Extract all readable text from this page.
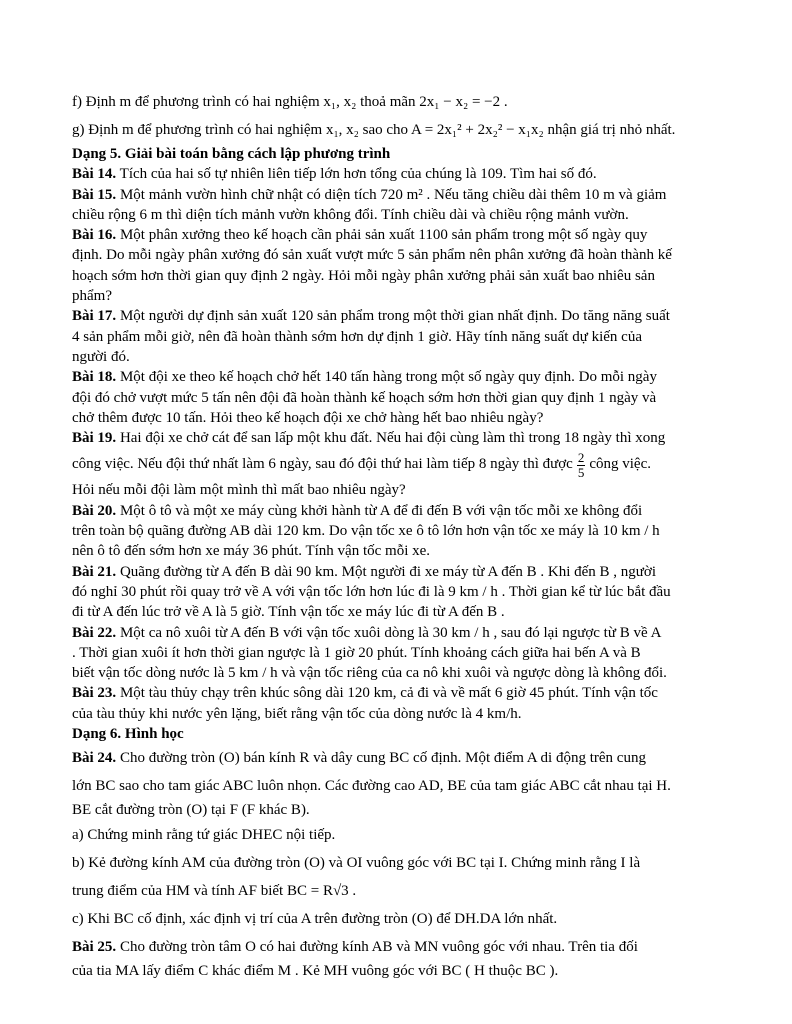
f) Định m để phương trình có hai nghiệm x₁, x₂ thoả mãn 2x₁ − x₂ = −2 .
g) Định m để phương trình có hai nghiệm x₁, x₂ sao cho A = 2x₁² + 2x₂² − x₁x₂ nhận giá trị nhỏ nhất.
Dạng 5. Giải bài toán bằng cách lập phương trình
Bài 14. Tích của hai số tự nhiên liên tiếp lớn hơn tổng của chúng là 109. Tìm hai số đó.
Bài 15. Một mảnh vườn hình chữ nhật có diện tích 720 m² . Nếu tăng chiều dài thêm 10 m và giảm
chiều rộng 6 m thì diện tích mảnh vườn không đổi. Tính chiều dài và chiều rộng mảnh vườn.
Bài 16. Một phân xưởng theo kế hoạch cần phải sản xuất 1100 sản phẩm trong một số ngày quy
định. Do mỗi ngày phân xưởng đó sản xuất vượt mức 5 sản phẩm nên phân xưởng đã hoàn thành kế
hoạch sớm hơn thời gian quy định 2 ngày. Hỏi mỗi ngày phân xưởng phải sản xuất bao nhiêu sản
phẩm?
Bài 17. Một người dự định sản xuất 120 sản phẩm trong một thời gian nhất định. Do tăng năng suất
4 sản phẩm mỗi giờ, nên đã hoàn thành sớm hơn dự định 1 giờ. Hãy tính năng suất dự kiến của
người đó.
Bài 18. Một đội xe theo kế hoạch chở hết 140 tấn hàng trong một số ngày quy định. Do mỗi ngày
đội đó chở vượt mức 5 tấn nên đội đã hoàn thành kế hoạch sớm hơn thời gian quy định 1 ngày và
chở thêm được 10 tấn. Hỏi theo kế hoạch đội xe chở hàng hết bao nhiêu ngày?
Bài 19. Hai đội xe chở cát để san lấp một khu đất. Nếu hai đội cùng làm thì trong 18 ngày thì xong
công việc. Nếu đội thứ nhất làm 6 ngày, sau đó đội thứ hai làm tiếp 8 ngày thì được $\frac{2}{5}$ công việc.
Hỏi nếu mỗi đội làm một mình thì mất bao nhiêu ngày?
Bài 20. Một ô tô và một xe máy cùng khởi hành từ A để đi đến B với vận tốc mỗi xe không đổi
trên toàn bộ quãng đường AB dài 120 km. Do vận tốc xe ô tô lớn hơn vận tốc xe máy là 10 km / h
nên ô tô đến sớm hơn xe máy 36 phút. Tính vận tốc mỗi xe.
Bài 21. Quãng đường từ A đến B dài 90 km. Một người đi xe máy từ A đến B . Khi đến B , người
đó nghỉ 30 phút rồi quay trở về A với vận tốc lớn hơn lúc đi là 9 km / h . Thời gian kể từ lúc bắt đầu
đi từ A đến lúc trở về A là 5 giờ. Tính vận tốc xe máy lúc đi từ A đến B .
Bài 22. Một ca nô xuôi từ A đến B với vận tốc xuôi dòng là 30 km / h , sau đó lại ngược từ B về A
. Thời gian xuôi ít hơn thời gian ngược là 1 giờ 20 phút. Tính khoảng cách giữa hai bến A và B
biết vận tốc dòng nước là 5 km / h và vận tốc riêng của ca nô khi xuôi và ngược dòng là không đổi.
Bài 23. Một tàu thủy chạy trên khúc sông dài 120 km, cả đi và về mất 6 giờ 45 phút. Tính vận tốc
của tàu thủy khi nước yên lặng, biết rằng vận tốc của dòng nước là 4 km/h.
Dạng 6. Hình học
Bài 24. Cho đường tròn (O) bán kính R và dây cung BC cố định. Một điểm A di động trên cung
lớn BC sao cho tam giác ABC luôn nhọn. Các đường cao AD, BE của tam giác ABC cắt nhau tại H.
BE cắt đường tròn (O) tại F (F khác B).
a) Chứng minh rằng tứ giác DHEC nội tiếp.
b) Kẻ đường kính AM của đường tròn (O) và OI vuông góc với BC tại I. Chứng minh rằng I là
trung điểm của HM và tính AF biết BC = R√3 .
c) Khi BC cố định, xác định vị trí của A trên đường tròn (O) để DH.DA lớn nhất.
Bài 25. Cho đường tròn tâm O có hai đường kính AB và MN vuông góc với nhau. Trên tia đối
của tia MA lấy điểm C khác điểm M . Kẻ MH vuông góc với BC ( H thuộc BC ).
